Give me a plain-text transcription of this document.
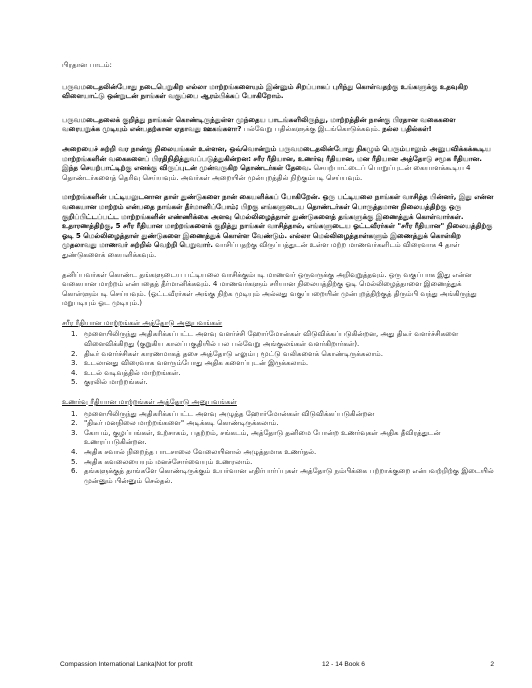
பிரதான பாடம்:

பருவமடைதலின்போது நடைபெறுகிற எல்லா மாற்றங்களையும் இன்னும் சிறப்பாகப் புரிந்து கொள்வதற்கு உங்களுக்கு உதவுகிற விளையாட்டு ஒன்றுடன் நாங்கள் வகுப்பை ஆரம்பிக்கப் போகிறோம்.

பருவமடைதலைக் குறித்து நாங்கள் கொண்டிருந்துள்ள முந்தைய பாடங்களிலிருந்து, மாற்றத்தின் நான்கு பிரதான வகைகளை வரையறுக்க முடியும் என்பதற்கான ஏதாவது ஊகங்களா? பல்வேறு பதில்களுக்கு இடங்கொடுக்கவும். நல்ல பதில்கள்!

அறையைச் சுற்றி வர நான்கு நிலையங்கள் உள்ளன, ஒவ்வொன்றும் பருவமடைதலின்போது நிகழும் பெரும்பாலும் அனுபவிக்கக்கூடிய மாற்றங்களின் வகைகளைப் பிரதிநிதித்துவப்படுத்துகின்றன: சரீர ரீதியான, உணர்வு ரீதியான, மன ரீதியான அத்தோடு சமூக ரீதியான. இந்த செயற்பாட்டிற்கு எனக்கு விருப்புடன் முன்வருகிற தொண்டர்கள் தேவை. செயற்பாட்டைப் பொறுப்புடன் கையாளக்கூடிய 4 தொண்டர்களைத் தெரிவு செய்யவும். அவர்கள் அறையின் முன்புறத்தில் நிற்கும்படி செய்யவும்.

மாற்றங்களின் பட்டியலுடனான தாள் துண்டுகளை நான் கையளிக்கப் போகிறேன். ஒரு பட்டியலை நாங்கள் வாசித்த பின்னர், இது என்ன வகையான மாற்றம் என்பதை நாங்கள் தீர்மானிப்போம்; பிறகு எங்களுடைய தொண்டர்கள் பொருத்தமான நிலையத்திற்கு ஒரு குறிப்பிட்டப்பட்ட மாற்றங்களின் எண்ணிக்கை அளவு மெல்லிழைத்தாள் துண்டுகளைத் தங்களுக்கு இணைத்துக் கொள்வார்கள். உதாரணத்திற்கு, 5 சரீர ரீதியான மாற்றங்களைக் குறித்து நாங்கள் வாசித்தால், எங்களுடைய ஓட்டவீரர்கள் "சரீர ரீதியான" நிலையத்திற்கு ஓடி 5 மெல்லிழைத்தாள் துண்டுகளை இணைத்துக் கொள்ள வேண்டும். எல்லா மெல்லிழைத்தாள்களும் இணைத்துக் கொள்கிற முதலாவது மாணவர் சுற்றில் வெற்றி பெறுவார். வாசிப்பதற்கு விருப்பத்துடன் உள்ள மற்ற மாணவர்களிடம் விரைவாக 4 தாள் துண்டுகளைக் கையளிக்கவும்.

தனிப்பவர்கள் கொண்ட தங்களுடைய பட்டியலை வாசிக்கும்படி மாணவர் ஒருவருக்கு அறிவுறுத்தவும். ஒரு வகுப்பாக இது என்ன வகையான மாற்றம் என்பதைத் தீர்மானிக்கவும். 4 மாணவர்களும் சரியான நிலையத்திற்கு ஓடி மெல்லிழைத்தாளை இணைத்துக் கொள்ளும்படி செய்யவும். (ஓட்டவீரர்கள் அங்கு நிற்க முடியும் அல்லது வகுப்பறையின் முன்புறத்திற்குத் திரும்பி வந்து அங்கிருந்து மறுபடியும் ஓட முடியும்.)

சரீர ரீதியான மாற்றங்கள் அத்தோடு அனுபவங்கள்

1. மூளையிலிருந்து அதிகரிக்கப்பட்ட அளவு வளர்ச்சி ஹோர்மோன்கள் விடுவிக்கப்படுகின்றன, அது திடீர் வளர்ச்சிகளை விளைவிக்கிறது (குறுகிய காலப்பகுதியில் பல பல்வேறு அங்குலங்கள் வளர்கிறார்கள்).
2. திடீர் வளர்ச்சிகள் காரணமாகத் தசை அத்தோடு எலும்பு மூட்டு வலிகளைக் கொண்டிருக்கலாம்.
3. உடலானது விரைவாக வளரும்போது அதிக களைப்புடன் இருக்கலாம்.
4. உடல் வடிவத்தில் மாற்றங்கள்.
5. குரலில் மாற்றங்கள்.

உணர்வு ரீதியான மாற்றங்கள் அத்தோடு அனுபவங்கள்

1. மூளையிலிருந்து அதிகரிக்கப்பட்ட அளவு அழுத்த ஹோர்மோன்கள் விடுவிக்கப்படுகின்றன
2. "திடீர் மனநிலை மாற்றங்களை" அடிக்கடி கொண்டிருக்கலாம்.
3. கோபம், குழப்பங்கள், உற்சாகம், பதற்றம், சங்கடம், அத்தோடு தனிமை போன்ற உணர்வுகள் அதிக தீவிரத்துடன் உணரப்படுகின்றன.
4. அதிக சவால் நிறைந்த பாடசாலை வேலையினால் அழுத்தமாக உணர்தல்.
5. அதிக கவலையையும் மனச்சோர்வையும் உணரலாம்.
6. தங்களுக்குத் தாங்களே கொண்டிருக்கும் உயர்வான எதிர்பார்ப்புகள் அத்தோடு நம்பிக்கை பற்றாக்குறை என்பவற்றிற்கு இடையில் முன்னும் பின்னும் செல்தல்.
Compassion International Lanka|Not for profit	12 - 14 Book 6	2
